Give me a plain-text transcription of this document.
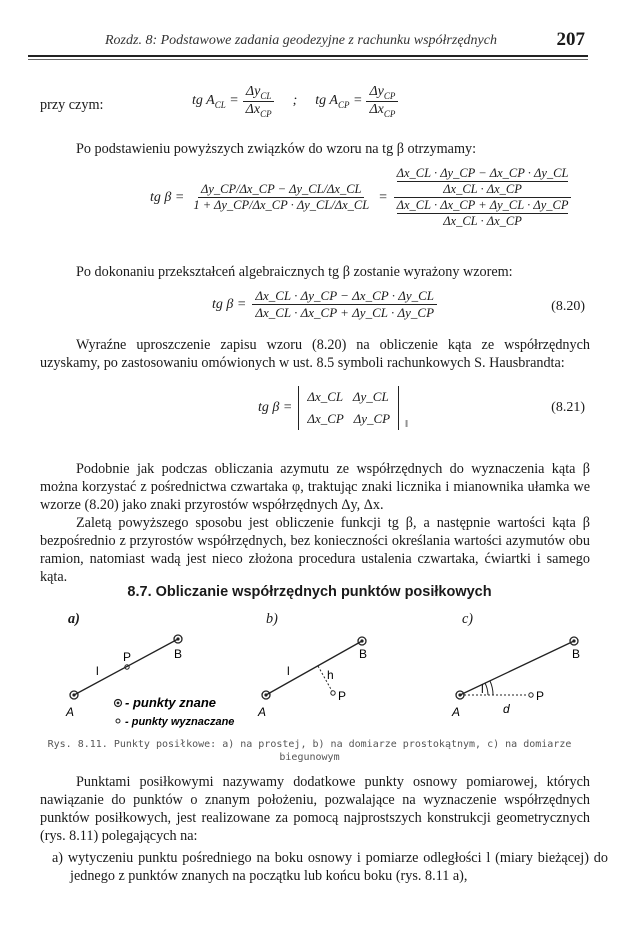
Rozdz. 8: Podstawowe zadania geodezyjne z rachunku współrzędnych	207
przy czym:	tg $A_{CL} = \frac{\Delta y_{CL}}{\Delta x_{CP}}$ ; tg $A_{CP} = \frac{\Delta y_{CP}}{\Delta x_{CP}}$
Po podstawieniu powyższych związków do wzoru na tg β otrzymamy:
tg $\beta = \frac{\Delta y\_CP/\Delta x\_CP - \Delta y\_CL/\Delta x\_CL}{1 + \Delta y\_CP/\Delta x\_CP \cdot \Delta y\_CL/\Delta x\_CL}$ = Δx_CL · Δy_CP − Δx_CP · Δy_CL
Δx_CL · Δx_CP
Δx_CL · Δx_CP + Δy_CL · Δy_CP
Δx_CL · Δx_CP
Po dokonaniu przekształceń algebraicznych tg β zostanie wyrażony wzorem:
tg $\beta = \frac{\Delta x\_CL \cdot \Delta y\_CP - \Delta x\_CP \cdot \Delta y\_CL}{\Delta x\_CL \cdot \Delta x\_CP + \Delta y\_CL \cdot \Delta y\_CP}$	(8.20)
Wyraźne uproszczenie zapisu wzoru (8.20) na obliczenie kąta ze współrzędnych uzyskamy, po zastosowaniu omówionych w ust. 8.5 symboli rachunkowych S. Hausbrandta:
tg β =
Δx_CL Δy_CL
Δx_CP Δy_CP	‖
(8.21)
Podobnie jak podczas obliczania azymutu ze współrzędnych do wyznaczenia kąta β można korzystać z pośrednictwa czwartaka φ, traktując znaki licznika i mianownika ułamka we wzorze (8.20) jako znaki przyrostów współrzędnych Δy, Δx.
Zaletą powyższego sposobu jest obliczenie funkcji tg β, a następnie wartości kąta β bezpośrednio z przyrostów współrzędnych, bez konieczności określania wartości azymutów obu ramion, natomiast wadą jest nieco złożona procedura ustalenia czwartaka, ćwiartki i samego kąta.
8.7. Obliczanie współrzędnych punktów posiłkowych
a)	b)	c)
A
B
P
l
- punkty znane
- punkty wyznaczane
A
B
P
l	h
A
B
P
l
d
Rys. 8.11. Punkty posiłkowe: a) na prostej, b) na domiarze prostokątnym, c) na domiarze
biegunowym
Punktami posiłkowymi nazywamy dodatkowe punkty osnowy pomiarowej, których nawiązanie do punktów o znanym położeniu, pozwalające na wyznaczenie współrzędnych punktów posiłkowych, jest realizowane za pomocą najprostszych konstrukcji geometrycznych (rys. 8.11) polegających na:
a) wytyczeniu punktu pośredniego na boku osnowy i pomiarze odległości l (miary bieżącej) do jednego z punktów znanych na początku lub końcu boku (rys. 8.11 a),
